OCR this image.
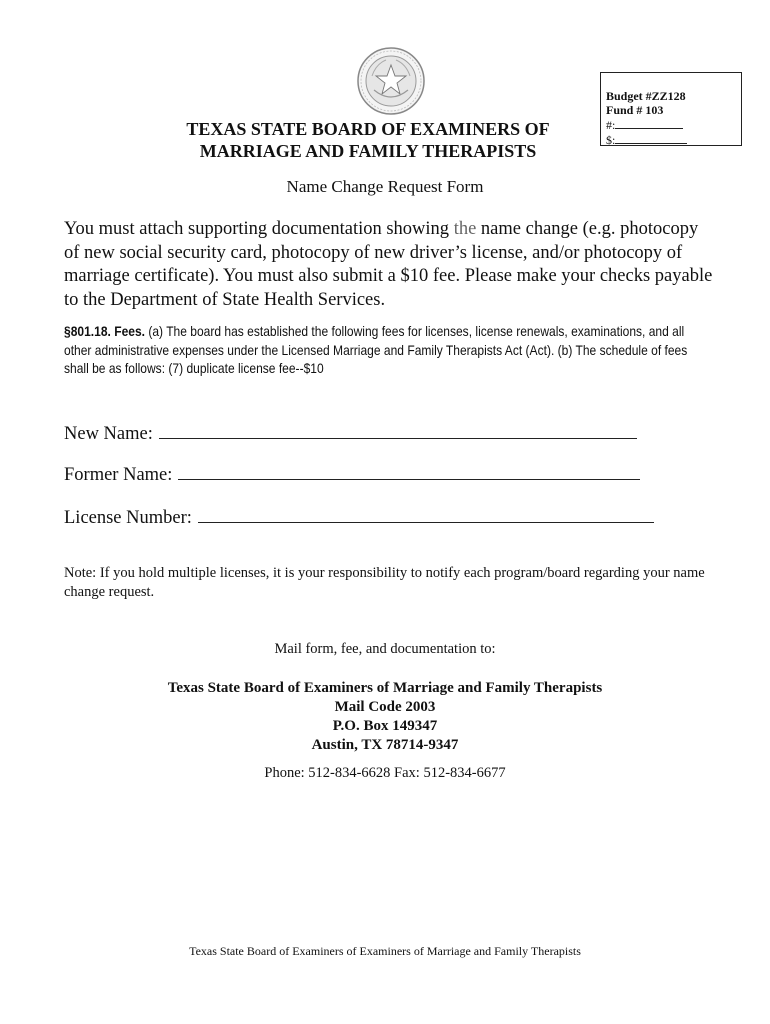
Budget #ZZ128
Fund # 103
#:
$:
TEXAS STATE BOARD OF EXAMINERS OF
MARRIAGE AND FAMILY THERAPISTS
Name Change Request Form
You must attach supporting documentation showing the name change (e.g. photocopy of new social security card, photocopy of new driver’s license, and/or photocopy of marriage certificate). You must also submit a $10 fee. Please make your checks payable to the Department of State Health Services.
§801.18. Fees. (a) The board has established the following fees for licenses, license renewals, examinations, and all other administrative expenses under the Licensed Marriage and Family Therapists Act (Act). (b) The schedule of fees shall be as follows: (7) duplicate license fee--$10
New Name:
Former Name:
License Number:
Note: If you hold multiple licenses, it is your responsibility to notify each program/board regarding your name change request.
Mail form, fee, and documentation to:
Texas State Board of Examiners of Marriage and Family Therapists
Mail Code 2003
P.O. Box 149347
Austin, TX 78714-9347
Phone: 512-834-6628 Fax: 512-834-6677
Texas State Board of Examiners of Examiners of Marriage and Family Therapists
